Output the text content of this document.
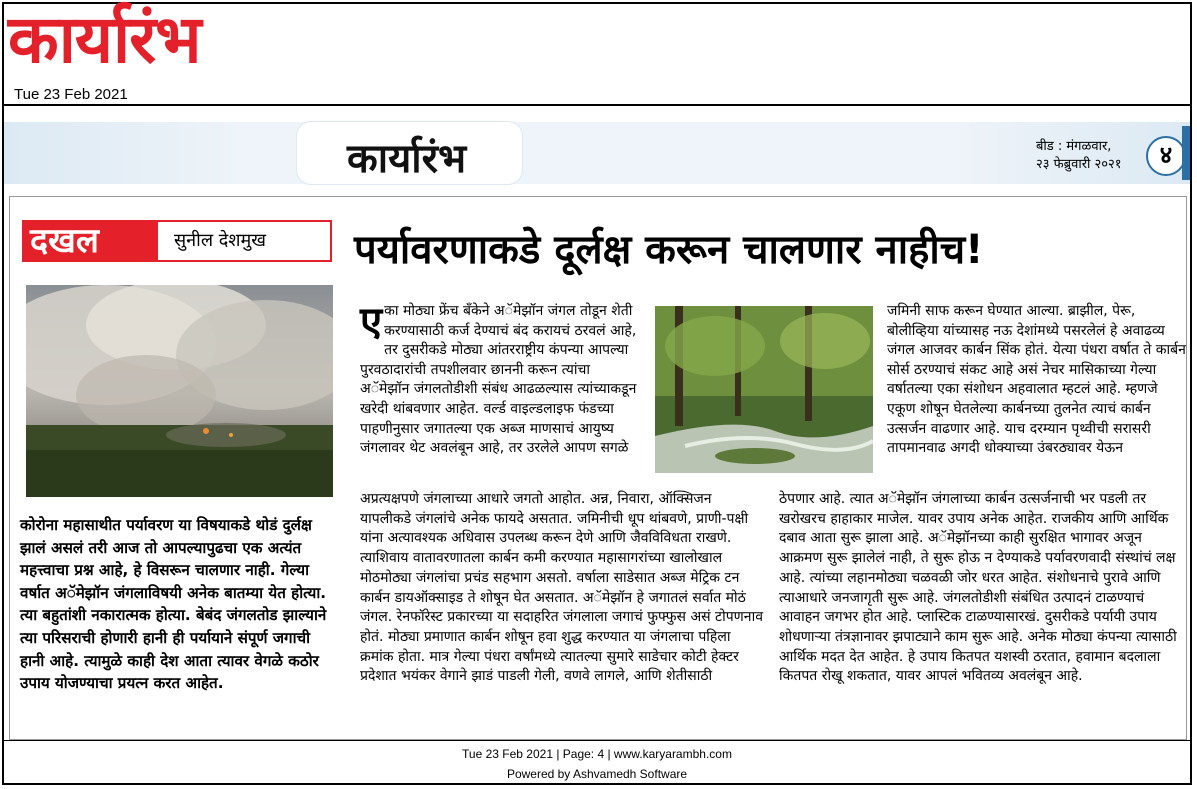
कार्यारंभ
Tue 23 Feb 2021
कार्यारंभ	बीड : मंगळवार,
२३ फेब्रुवारी २०२१	४
दखल	सुनील देशमुख
कोरोना महासाथीत पर्यावरण या विषयाकडे थोडं दुर्लक्ष झालं असलं तरी आज तो आपल्यापुढचा एक अत्यंत महत्त्वाचा प्रश्न आहे, हे विसरून चालणार नाही. गेल्या वर्षात अॅमेझॉन जंगलाविषयी अनेक बातम्या येत होत्या. त्या बहुतांशी नकारात्मक होत्या. बेबंद जंगलतोड झाल्याने त्या परिसराची होणारी हानी ही पर्यायाने संपूर्ण जगाची हानी आहे. त्यामुळे काही देश आता त्यावर वेगळे कठोर उपाय योजण्याचा प्रयत्न करत आहेत.
पर्यावरणाकडे दूर्लक्ष करून चालणार नाहीच!
एका मोठ्या फ्रेंच बँकेने अॅमेझॉन जंगल तोडून शेती करण्यासाठी कर्ज देण्याचं बंद करायचं ठरवलं आहे, तर दुसरीकडे मोठ्या आंतरराष्ट्रीय कंपन्या आपल्या पुरवठादारांची तपशीलवार छाननी करून त्यांचा अॅमेझॉन जंगलतोडीशी संबंध आढळल्यास त्यांच्याकडून खरेदी थांबवणार आहेत. वर्ल्ड वाइल्डलाइफ फंडच्या पाहणीनुसार जगातल्या एक अब्ज माणसाचं आयुष्य जंगलावर थेट अवलंबून आहे, तर उरलेले आपण सगळे
जमिनी साफ करून घेण्यात आल्या. ब्राझील, पेरू, बोलीव्हिया यांच्यासह नऊ देशांमध्ये पसरलेलं हे अवाढव्य जंगल आजवर कार्बन सिंक होतं. येत्या पंधरा वर्षात ते कार्बन सोर्स ठरण्याचं संकट आहे असं नेचर मासिकाच्या गेल्या वर्षातल्या एका संशोधन अहवालात म्हटलं आहे. म्हणजे एकूण शोषून घेतलेल्या कार्बनच्या तुलनेत त्याचं कार्बन उत्सर्जन वाढणार आहे. याच दरम्यान पृथ्वीची सरासरी तापमानवाढ अगदी धोक्याच्या उंबरठ्यावर येऊन
अप्रत्यक्षपणे जंगलाच्या आधारे जगतो आहोत. अन्न, निवारा, ऑक्सिजन यापलीकडे जंगलांचे अनेक फायदे असतात. जमिनीची धूप थांबवणे, प्राणी-पक्षी यांना अत्यावश्यक अधिवास उपलब्ध करून देणे आणि जैवविविधता राखणे. त्याशिवाय वातावरणातला कार्बन कमी करण्यात महासागरांच्या खालोखाल मोठमोठ्या जंगलांचा प्रचंड सहभाग असतो. वर्षाला साडेसात अब्ज मेट्रिक टन कार्बन डायऑक्साइड ते शोषून घेत असतात. अॅमेझॉन हे जगातलं सर्वात मोठं जंगल. रेनफॉरेस्ट प्रकारच्या या सदाहरित जंगलाला जगाचं फुफ्फुस असं टोपणनाव होतं. मोठ्या प्रमाणात कार्बन शोषून हवा शुद्ध करण्यात या जंगलाचा पहिला क्रमांक होता. मात्र गेल्या पंधरा वर्षांमध्ये त्यातल्या सुमारे साडेचार कोटी हेक्टर प्रदेशात भयंकर वेगाने झाडं पाडली गेली, वणवे लागले, आणि शेतीसाठी
ठेपणार आहे. त्यात अॅमेझॉन जंगलाच्या कार्बन उत्सर्जनाची भर पडली तर खरोखरच हाहाकार माजेल. यावर उपाय अनेक आहेत. राजकीय आणि आर्थिक दबाव आता सुरू झाला आहे. अॅमेझॉनच्या काही सुरक्षित भागावर अजून आक्रमण सुरू झालेलं नाही, ते सुरू होऊ न देण्याकडे पर्यावरणवादी संस्थांचं लक्ष आहे. त्यांच्या लहानमोठ्या चळवळी जोर धरत आहेत. संशोधनाचे पुरावे आणि त्याआधारे जनजागृती सुरू आहे. जंगलतोडीशी संबंधित उत्पादनं टाळण्याचं आवाहन जगभर होत आहे. प्लास्टिक टाळण्यासारखं. दुसरीकडे पर्यायी उपाय शोधणाऱ्या तंत्रज्ञानावर झपाट्याने काम सुरू आहे. अनेक मोठ्या कंपन्या त्यासाठी आर्थिक मदत देत आहेत. हे उपाय कितपत यशस्वी ठरतात, हवामान बदलाला कितपत रोखू शकतात, यावर आपलं भवितव्य अवलंबून आहे.
Tue 23 Feb 2021 | Page: 4 | www.karyarambh.com
Powered by Ashvamedh Software
